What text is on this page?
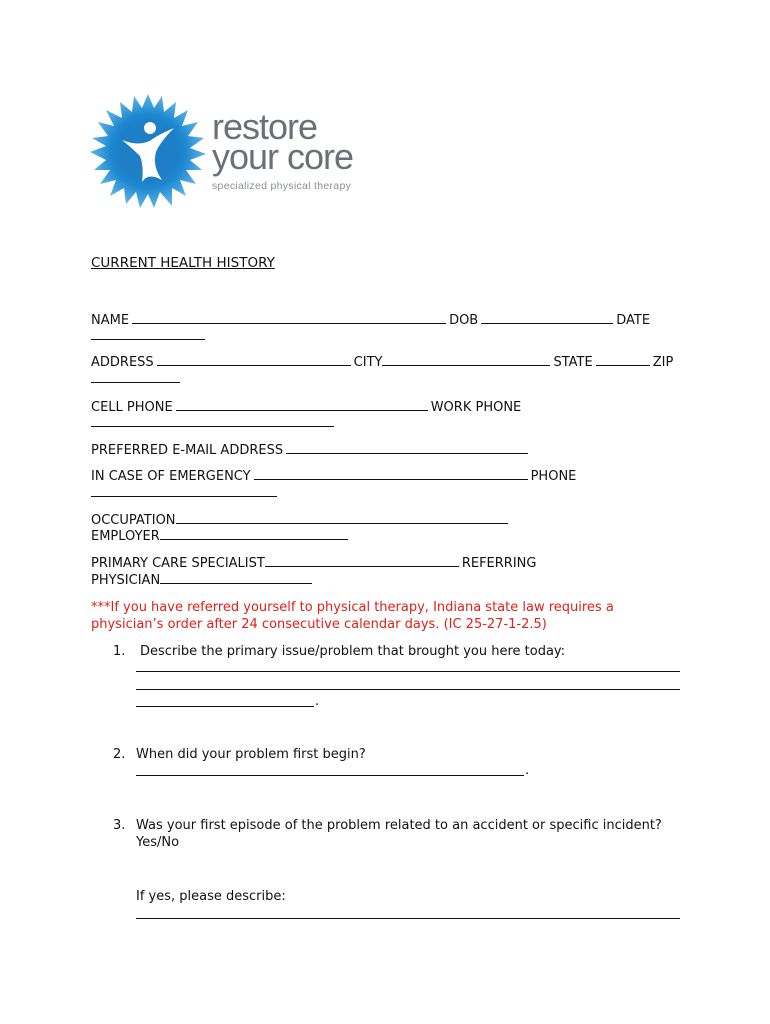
restore
your core
specialized physical therapy
CURRENT HEALTH HISTORY
NAME	DOB	DATE
ADDRESS	CITY	STATE	ZIP
CELL PHONE	WORK PHONE
PREFERRED E-MAIL ADDRESS
IN CASE OF EMERGENCY	PHONE
OCCUPATION
EMPLOYER
PRIMARY CARE SPECIALIST	REFERRING
PHYSICIAN
***If you have referred yourself to physical therapy, Indiana state law requires a
physician’s order after 24 consecutive calendar days. (IC 25-27-1-2.5)
1. Describe the primary issue/problem that brought you here today:
.
2. When did your problem first begin?
.
3. Was your first episode of the problem related to an accident or specific incident?
Yes/No
If yes, please describe:
